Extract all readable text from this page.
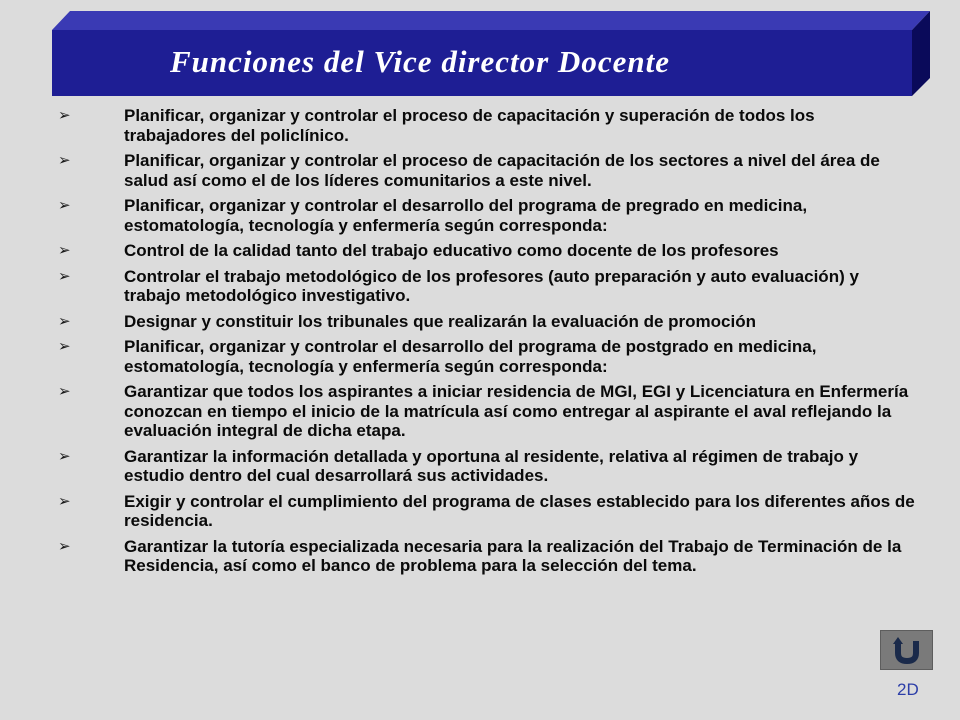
Funciones del Vice director Docente
➢	Planificar, organizar y controlar el proceso de capacitación y superación de todos los trabajadores del policlínico.
➢	Planificar, organizar y controlar el proceso de capacitación de los sectores a nivel del área de salud así como el de los líderes comunitarios a este nivel.
➢	Planificar, organizar y controlar el desarrollo del programa de pregrado en medicina, estomatología, tecnología y enfermería según corresponda:
➢	Control de la calidad tanto del trabajo educativo como docente de los profesores
➢	Controlar el trabajo metodológico de los profesores (auto preparación y auto evaluación) y trabajo metodológico investigativo.
➢	Designar y constituir los tribunales que realizarán la evaluación de promoción
➢	Planificar, organizar y controlar el desarrollo del programa de postgrado en medicina, estomatología, tecnología y enfermería según corresponda:
➢	Garantizar que todos los aspirantes a iniciar residencia de MGI, EGI y Licenciatura en Enfermería conozcan en tiempo el inicio de la matrícula así como entregar al aspirante el aval reflejando la evaluación integral de dicha etapa.
➢	Garantizar la información detallada y oportuna al residente, relativa al régimen de trabajo y estudio dentro del cual desarrollará sus actividades.
➢	Exigir y controlar el cumplimiento del programa de clases establecido para los diferentes años de residencia.
➢	Garantizar la tutoría especializada necesaria para la realización del Trabajo de Terminación de la Residencia, así como el banco de problema para la selección del tema.
2D
